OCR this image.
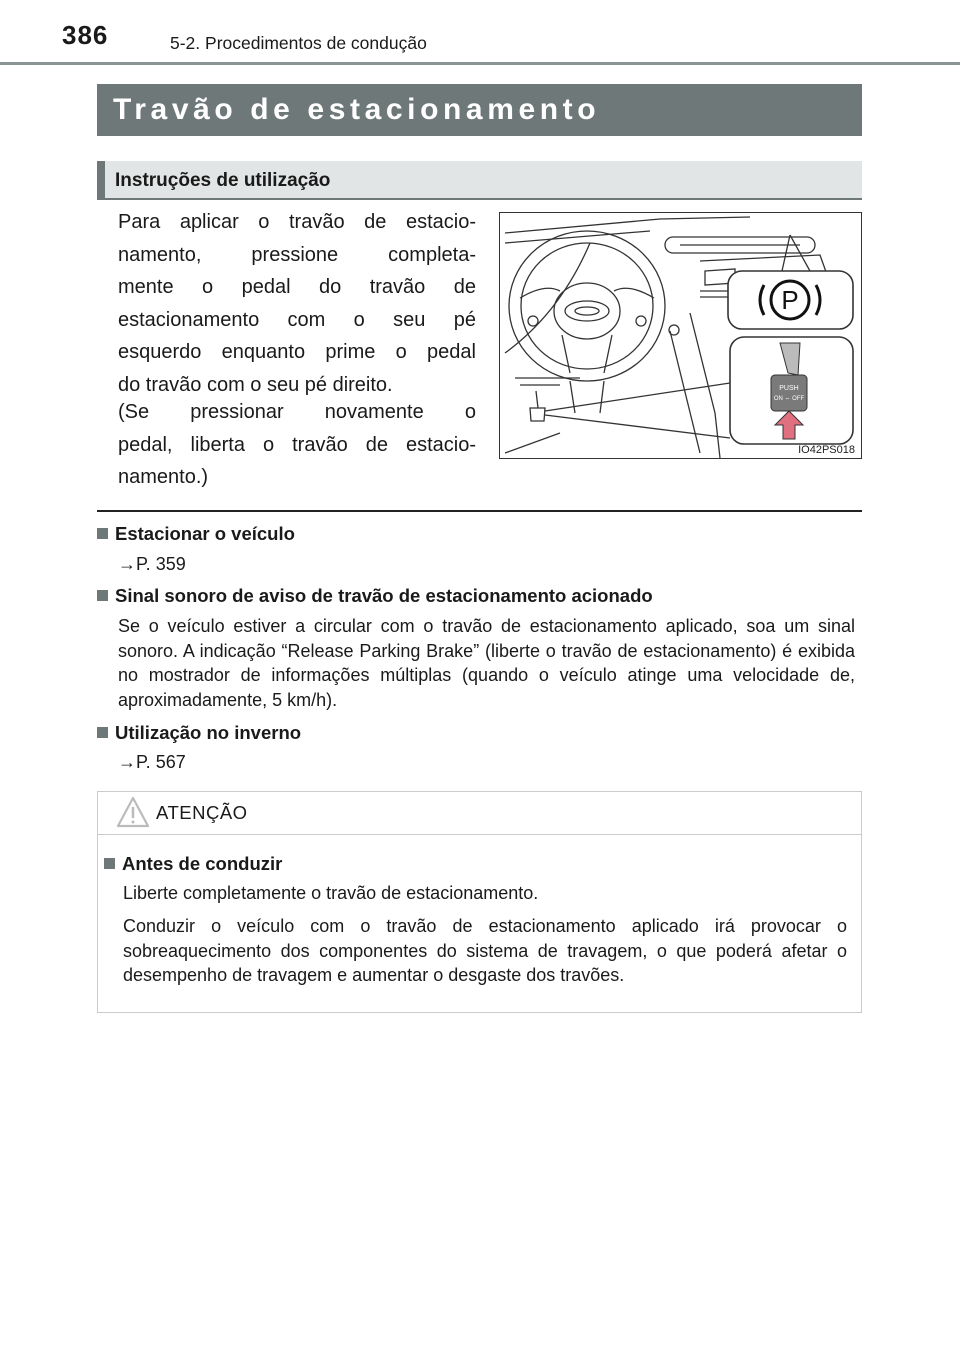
386	5-2. Procedimentos de condução
Travão de estacionamento
Instruções de utilização
Para aplicar o travão de estacio-
namento, pressione completa-
mente o pedal do travão de
estacionamento com o seu pé
esquerdo enquanto prime o pedal
do travão com o seu pé direito.
(Se pressionar novamente o
pedal, liberta o travão de estacio-
namento.)
P
PUSH
ON ⇔ OFF
IO42PS018
Estacionar o veículo
→P. 359
Sinal sonoro de aviso de travão de estacionamento acionado
Se o veículo estiver a circular com o travão de estacionamento aplicado, soa um sinal sonoro. A indicação “Release Parking Brake” (liberte o travão de estacionamento) é exibida no mostrador de informações múltiplas (quando o veículo atinge uma velocidade de, aproximadamente, 5 km/h).
Utilização no inverno
→P. 567
ATENÇÃO
Antes de conduzir
Liberte completamente o travão de estacionamento.
Conduzir o veículo com o travão de estacionamento aplicado irá provocar o sobreaquecimento dos componentes do sistema de travagem, o que poderá afetar o desempenho de travagem e aumentar o desgaste dos travões.
